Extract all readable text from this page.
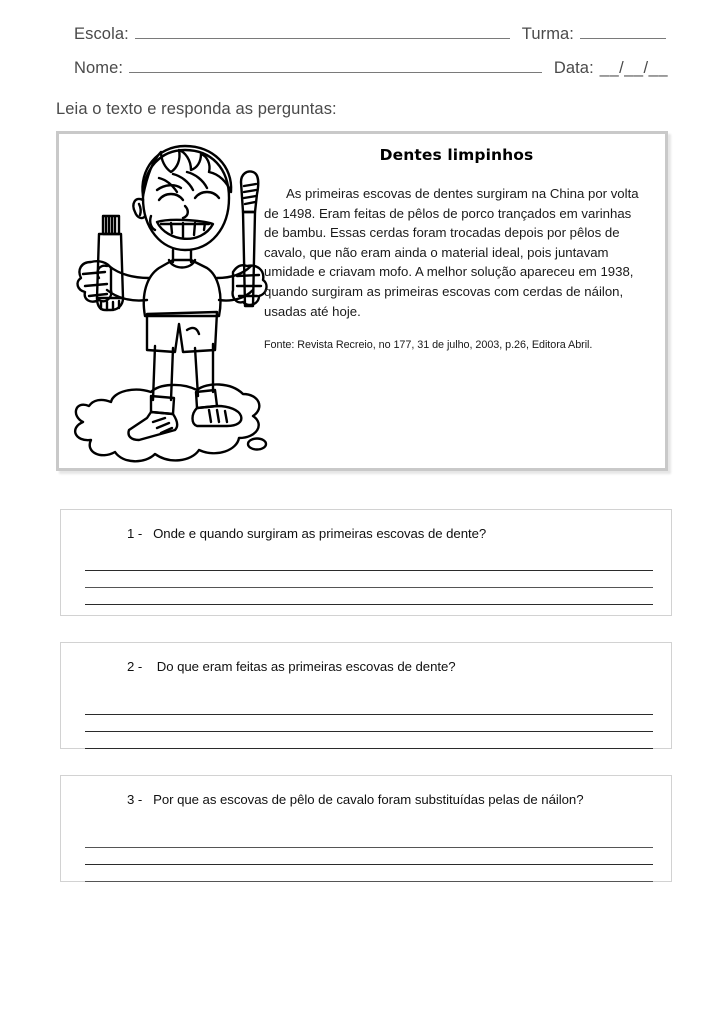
Escola:	Turma:
Nome:	Data: __/__/__
Leia o texto e responda as perguntas:
Dentes limpinhos
As primeiras escovas de dentes surgiram na China por volta de 1498. Eram feitas de pêlos de porco trançados em varinhas de bambu. Essas cerdas foram trocadas depois por pêlos de cavalo, que não eram ainda o material ideal, pois juntavam umidade e criavam mofo. A melhor solução apareceu em 1938, quando surgiram as primeiras escovas com cerdas de náilon, usadas até hoje.
Fonte: Revista Recreio, no 177, 31 de julho, 2003, p.26, Editora Abril.
1 - Onde e quando surgiram as primeiras escovas de dente?
2 - Do que eram feitas as primeiras escovas de dente?
3 - Por que as escovas de pêlo de cavalo foram substituídas pelas de náilon?
